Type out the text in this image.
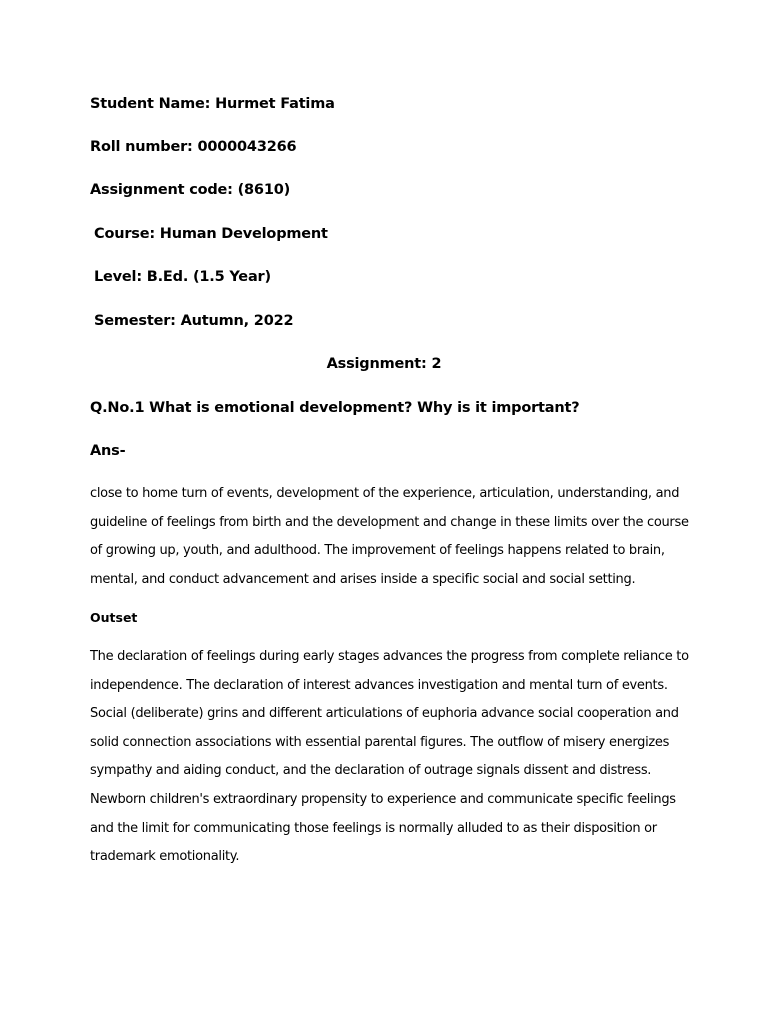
Student Name: Hurmet Fatima
Roll number: 0000043266
Assignment code: (8610)
Course: Human Development
Level: B.Ed. (1.5 Year)
Semester: Autumn, 2022
Assignment: 2
Q.No.1 What is emotional development? Why is it important?
Ans-

close to home turn of events, development of the experience, articulation, understanding, and guideline of feelings from birth and the development and change in these limits over the course of growing up, youth, and adulthood. The improvement of feelings happens related to brain, mental, and conduct advancement and arises inside a specific social and social setting.

Outset

The declaration of feelings during early stages advances the progress from complete reliance to independence. The declaration of interest advances investigation and mental turn of events. Social (deliberate) grins and different articulations of euphoria advance social cooperation and solid connection associations with essential parental figures. The outflow of misery energizes sympathy and aiding conduct, and the declaration of outrage signals dissent and distress. Newborn children's extraordinary propensity to experience and communicate specific feelings and the limit for communicating those feelings is normally alluded to as their disposition or trademark emotionality.
